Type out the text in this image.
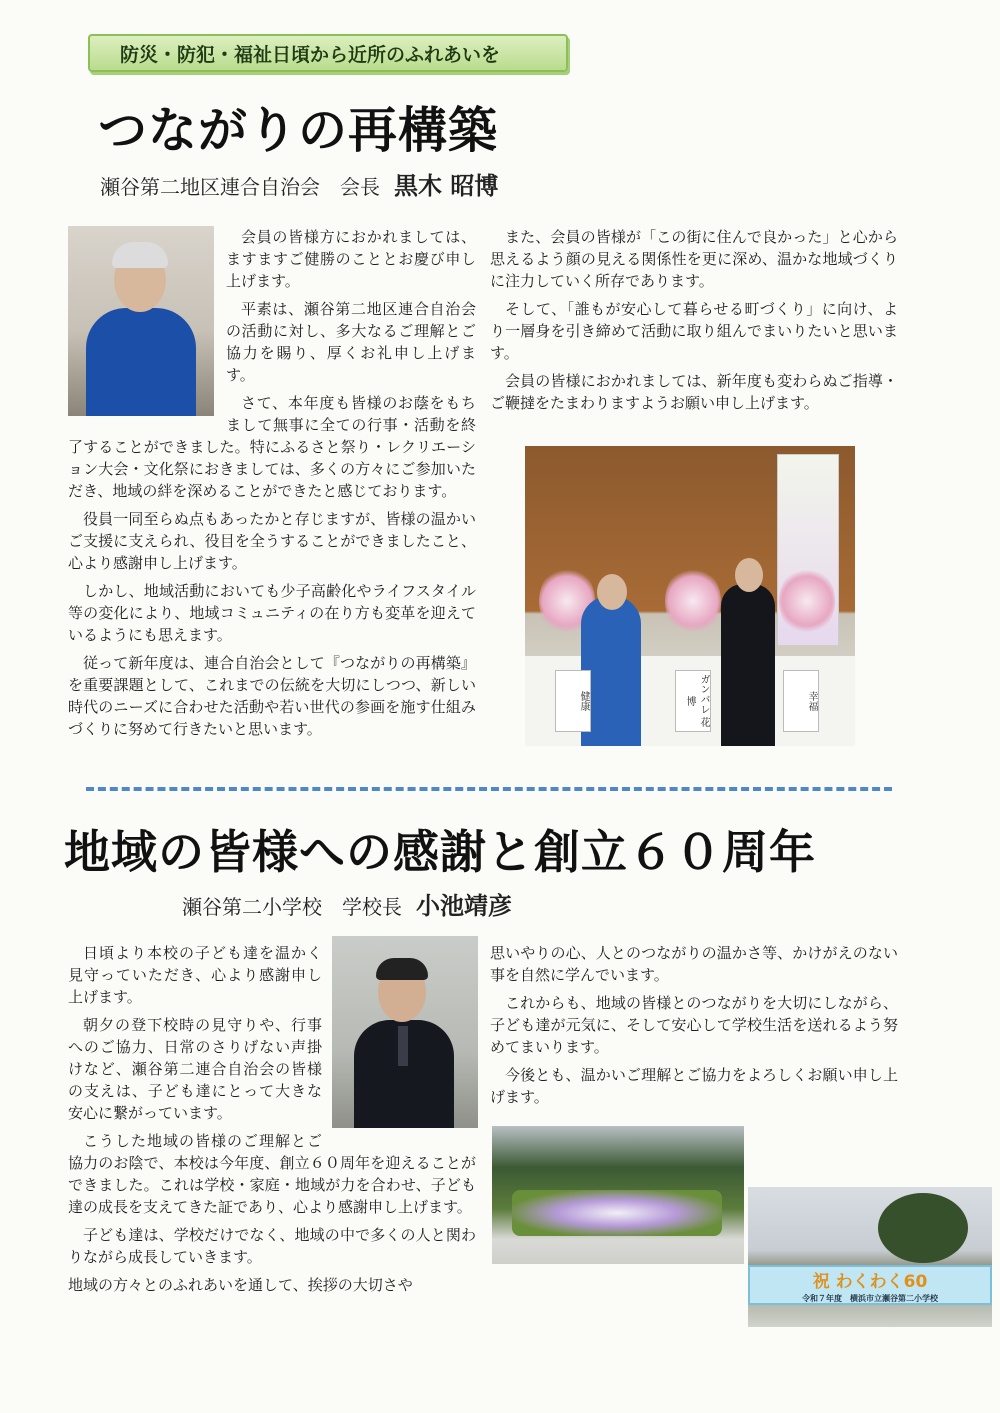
防災・防犯・福祉日頃から近所のふれあいを
つながりの再構築
瀬谷第二地区連合自治会　会長 黒木 昭博

会員の皆様方におかれましては、ますますご健勝のこととお慶び申し上げます。

平素は、瀬谷第二地区連合自治会の活動に対し、多大なるご理解とご協力を賜り、厚くお礼申し上げます。

さて、本年度も皆様のお蔭をもちまして無事に全ての行事・活動を終了することができました。特にふるさと祭り・レクリエーション大会・文化祭におきましては、多くの方々にご参加いただき、地域の絆を深めることができたと感じております。

役員一同至らぬ点もあったかと存じますが、皆様の温かいご支援に支えられ、役目を全うすることができましたこと、心より感謝申し上げます。

しかし、地域活動においても少子高齢化やライフスタイル等の変化により、地域コミュニティの在り方も変革を迎えているようにも思えます。

従って新年度は、連合自治会として『つながりの再構築』を重要課題として、これまでの伝統を大切にしつつ、新しい時代のニーズに合わせた活動や若い世代の参画を施す仕組みづくりに努めて行きたいと思います。

また、会員の皆様が「この街に住んで良かった」と心から思えるよう顔の見える関係性を更に深め、温かな地域づくりに注力していく所存であります。

そして、「誰もが安心して暮らせる町づくり」に向け、より一層身を引き締めて活動に取り組んでまいりたいと思います。

会員の皆様におかれましては、新年度も変わらぬご指導・ご鞭撻をたまわりますようお願い申し上げます。

健康	ガンバレ 花博	幸福
地域の皆様への感謝と創立６０周年
瀬谷第二小学校　学校長 小池靖彦

日頃より本校の子ども達を温かく見守っていただき、心より感謝申し上げます。

朝夕の登下校時の見守りや、行事へのご協力、日常のさりげない声掛けなど、瀬谷第二連合自治会の皆様の支えは、子ども達にとって大きな安心に繋がっています。

こうした地域の皆様のご理解とご協力のお陰で、本校は今年度、創立６０周年を迎えることができました。これは学校・家庭・地域が力を合わせ、子ども達の成長を支えてきた証であり、心より感謝申し上げます。

子ども達は、学校だけでなく、地域の中で多くの人と関わりながら成長していきます。

地域の方々とのふれあいを通して、挨拶の大切さや

思いやりの心、人とのつながりの温かさ等、かけがえのない事を自然に学んでいます。

これからも、地域の皆様とのつながりを大切にしながら、子ども達が元気に、そして安心して学校生活を送れるよう努めてまいります。

今後とも、温かいご理解とご協力をよろしくお願い申し上げます。

祝 わくわく60
令和７年度　横浜市立瀬谷第二小学校
